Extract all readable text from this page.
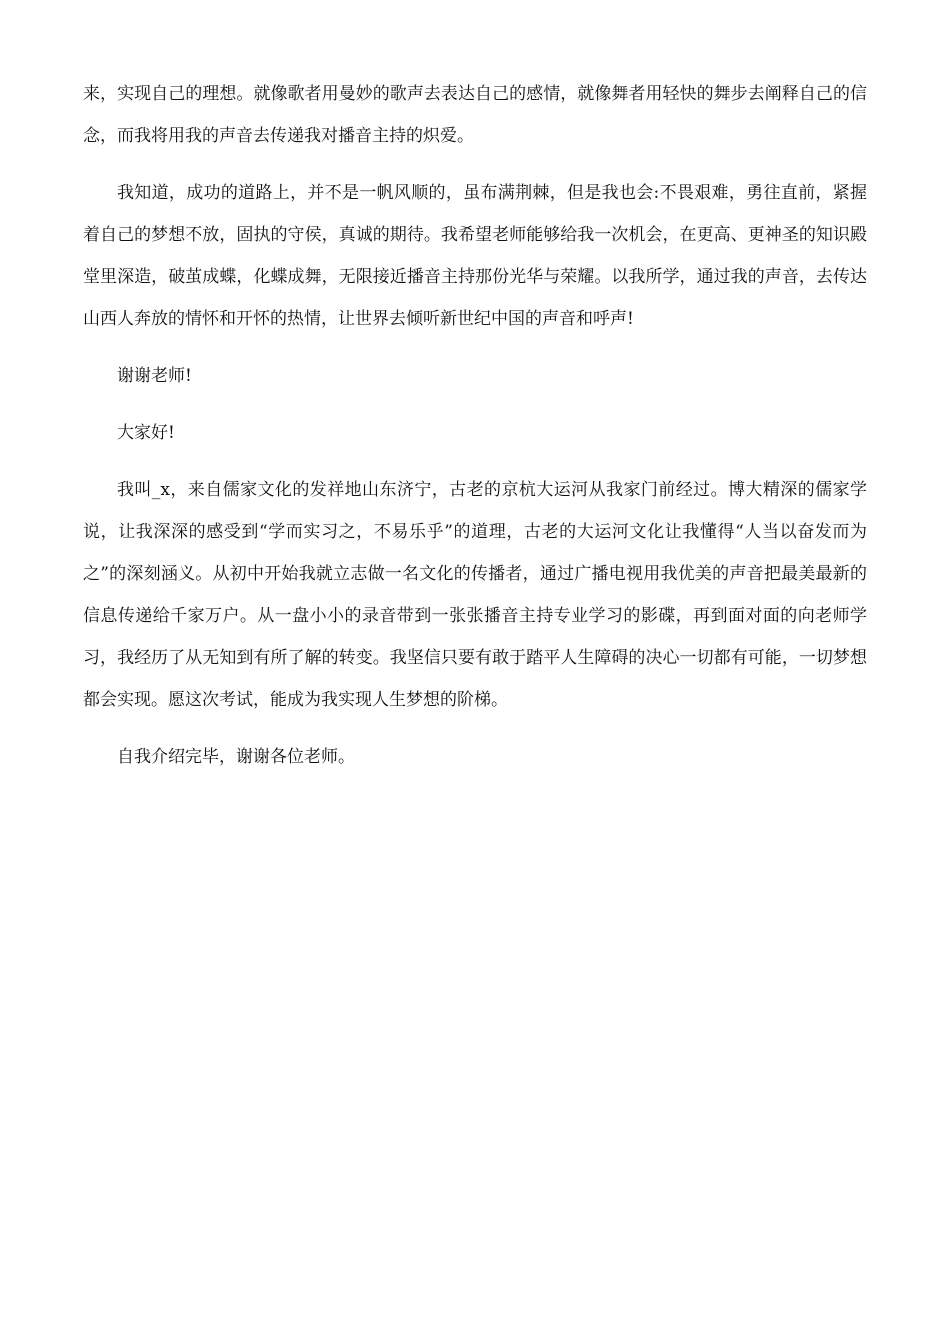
来，实现自己的理想。就像歌者用曼妙的歌声去表达自己的感情，就像舞者用轻快的舞步去阐释自己的信念，而我将用我的声音去传递我对播音主持的炽爱。

我知道，成功的道路上，并不是一帆风顺的，虽布满荆棘，但是我也会:不畏艰难，勇往直前，紧握着自己的梦想不放，固执的守侯，真诚的期待。我希望老师能够给我一次机会，在更高、更神圣的知识殿堂里深造，破茧成蝶，化蝶成舞，无限接近播音主持那份光华与荣耀。以我所学，通过我的声音，去传达山西人奔放的情怀和开怀的热情，让世界去倾听新世纪中国的声音和呼声!

谢谢老师!

大家好!

我叫_x，来自儒家文化的发祥地山东济宁，古老的京杭大运河从我家门前经过。博大精深的儒家学说，让我深深的感受到“学而实习之，不易乐乎”的道理，古老的大运河文化让我懂得“人当以奋发而为之”的深刻涵义。从初中开始我就立志做一名文化的传播者，通过广播电视用我优美的声音把最美最新的信息传递给千家万户。从一盘小小的录音带到一张张播音主持专业学习的影碟，再到面对面的向老师学习，我经历了从无知到有所了解的转变。我坚信只要有敢于踏平人生障碍的决心一切都有可能，一切梦想都会实现。愿这次考试，能成为我实现人生梦想的阶梯。

自我介绍完毕，谢谢各位老师。
